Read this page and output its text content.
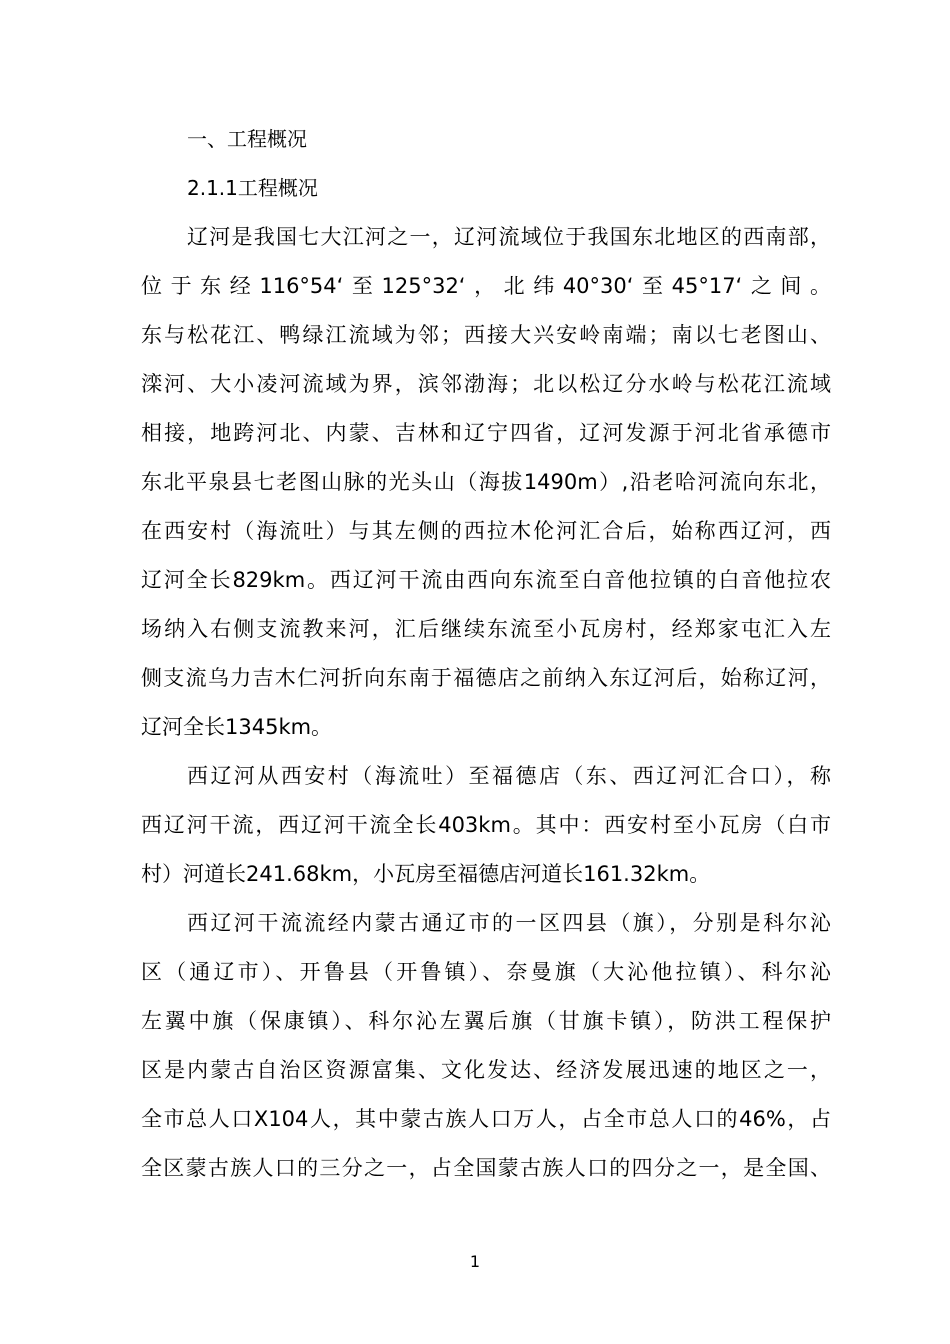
一、工程概况
2.1.1工程概况

辽河是我国七大江河之一，辽河流域位于我国东北地区的西南部，
位于东经116°54‘至125°32‘，北纬40°30‘至45°17‘之间。
东与松花江、鸭绿江流域为邻；西接大兴安岭南端；南以七老图山、
滦河、大小凌河流域为界，滨邻渤海；北以松辽分水岭与松花江流域
相接，地跨河北、内蒙、吉林和辽宁四省，辽河发源于河北省承德市
东北平泉县七老图山脉的光头山（海拔1490m）,沿老哈河流向东北，
在西安村（海流吐）与其左侧的西拉木伦河汇合后，始称西辽河，西
辽河全长829km。西辽河干流由西向东流至白音他拉镇的白音他拉农
场纳入右侧支流教来河，汇后继续东流至小瓦房村，经郑家屯汇入左
侧支流乌力吉木仁河折向东南于福德店之前纳入东辽河后，始称辽河，
辽河全长1345km。

西辽河从西安村（海流吐）至福德店（东、西辽河汇合口），称
西辽河干流，西辽河干流全长403km。其中：西安村至小瓦房（白市
村）河道长241.68km，小瓦房至福德店河道长161.32km。

西辽河干流流经内蒙古通辽市的一区四县（旗），分别是科尔沁
区（通辽市）、开鲁县（开鲁镇）、奈曼旗（大沁他拉镇）、科尔沁
左翼中旗（保康镇）、科尔沁左翼后旗（甘旗卡镇），防洪工程保护
区是内蒙古自治区资源富集、文化发达、经济发展迅速的地区之一，
全市总人口X104人，其中蒙古族人口万人，占全市总人口的46%，占
全区蒙古族人口的三分之一，占全国蒙古族人口的四分之一，是全国、

1
